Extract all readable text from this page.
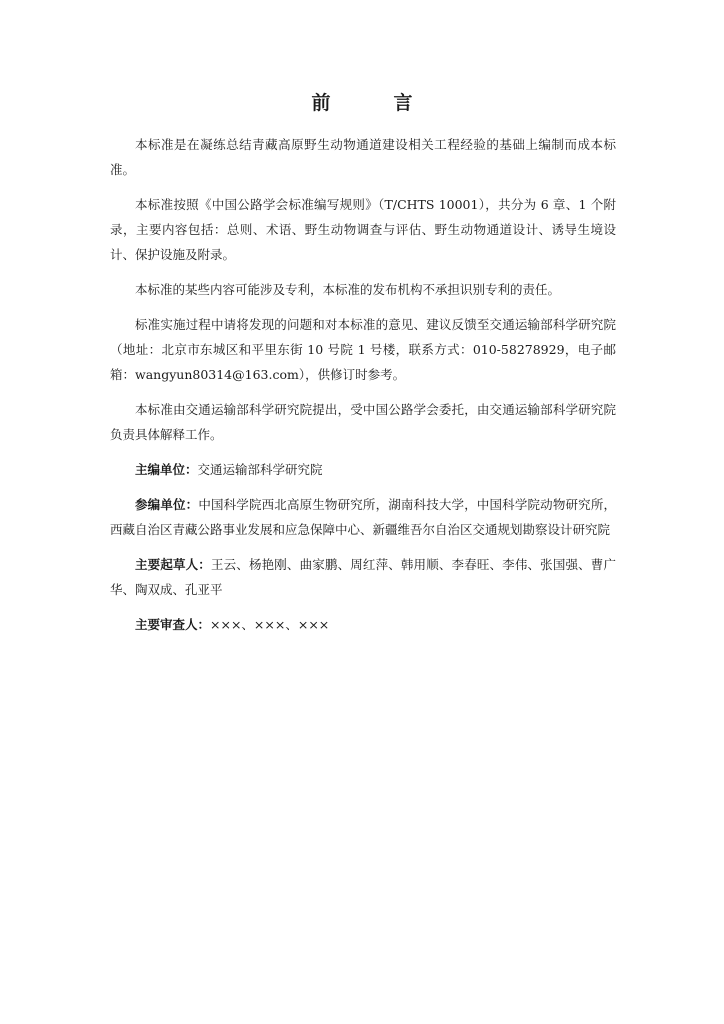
前　言

本标准是在凝练总结青藏高原野生动物通道建设相关工程经验的基础上编制而成本标准。

本标准按照《中国公路学会标准编写规则》（T/CHTS 10001），共分为 6 章、1 个附录，主要内容包括：总则、术语、野生动物调查与评估、野生动物通道设计、诱导生境设计、保护设施及附录。

本标准的某些内容可能涉及专利，本标准的发布机构不承担识别专利的责任。

标准实施过程中请将发现的问题和对本标准的意见、建议反馈至交通运输部科学研究院（地址：北京市东城区和平里东街 10 号院 1 号楼，联系方式：010-58278929，电子邮箱：wangyun80314@163.com），供修订时参考。

本标准由交通运输部科学研究院提出，受中国公路学会委托，由交通运输部科学研究院负责具体解释工作。

主编单位：交通运输部科学研究院

参编单位：中国科学院西北高原生物研究所，湖南科技大学，中国科学院动物研究所，西藏自治区青藏公路事业发展和应急保障中心、新疆维吾尔自治区交通规划勘察设计研究院

主要起草人：王云、杨艳刚、曲家鹏、周红萍、韩用顺、李春旺、李伟、张国强、曹广华、陶双成、孔亚平

主要审查人：×××、×××、×××
